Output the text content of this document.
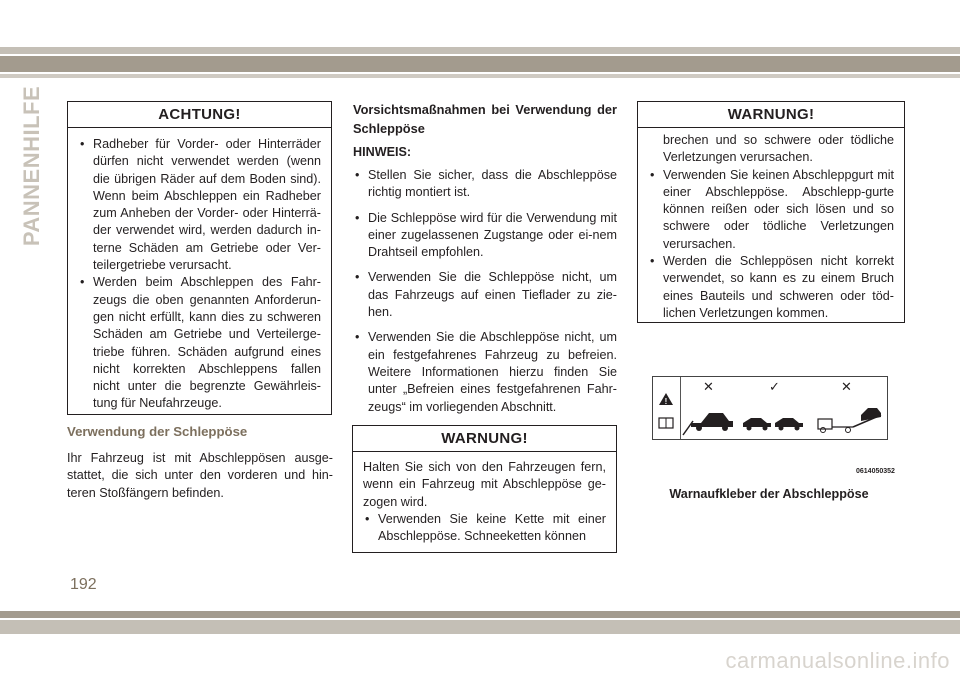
PANNENHILFE	ACHTUNG!
• Radheber für Vorder- oder Hinterräder dürfen nicht verwendet werden (wenn die übrigen Räder auf dem Boden sind). Wenn beim Abschleppen ein Radheber zum Anheben der Vorder- oder Hinterrä-der verwendet wird, werden dadurch in-terne Schäden am Getriebe oder Ver-teilergetriebe verursacht.
• Werden beim Abschleppen des Fahr-zeugs die oben genannten Anforderun-gen nicht erfüllt, kann dies zu schweren Schäden am Getriebe und Verteilerge-triebe führen. Schäden aufgrund eines nicht korrekten Abschleppens fallen nicht unter die begrenzte Gewährleis-tung für Neufahrzeuge.
Verwendung der Schleppöse
Ihr Fahrzeug ist mit Abschleppösen ausge-stattet, die sich unter den vorderen und hin-teren Stoßfängern befinden.
Vorsichtsmaßnahmen bei Verwendung der Schleppöse
HINWEIS:
• Stellen Sie sicher, dass die Abschleppöse richtig montiert ist.
• Die Schleppöse wird für die Verwendung mit einer zugelassenen Zugstange oder ei-nem Drahtseil empfohlen.
• Verwenden Sie die Schleppöse nicht, um das Fahrzeugs auf einen Tieflader zu zie-hen.
• Verwenden Sie die Abschleppöse nicht, um ein festgefahrenes Fahrzeug zu befreien. Weitere Informationen hierzu finden Sie unter „Befreien eines festgefahrenen Fahr-zeugs“ im vorliegenden Abschnitt.
WARNUNG!
Halten Sie sich von den Fahrzeugen fern, wenn ein Fahrzeug mit Abschleppöse ge-zogen wird.
• Verwenden Sie keine Kette mit einer Abschleppöse. Schneeketten können
WARNUNG!
brechen und so schwere oder tödliche Verletzungen verursachen.
• Verwenden Sie keinen Abschleppgurt mit einer Abschleppöse. Abschlepp-gurte können reißen oder sich lösen und so schwere oder tödliche Verletzungen verursachen.
• Werden die Schleppösen nicht korrekt verwendet, so kann es zu einem Bruch eines Bauteils und schweren oder töd-lichen Verletzungen kommen.
!
✕	✓	✕
0614050352
Warnaufkleber der Abschleppöse
192
carmanualsonline.info
